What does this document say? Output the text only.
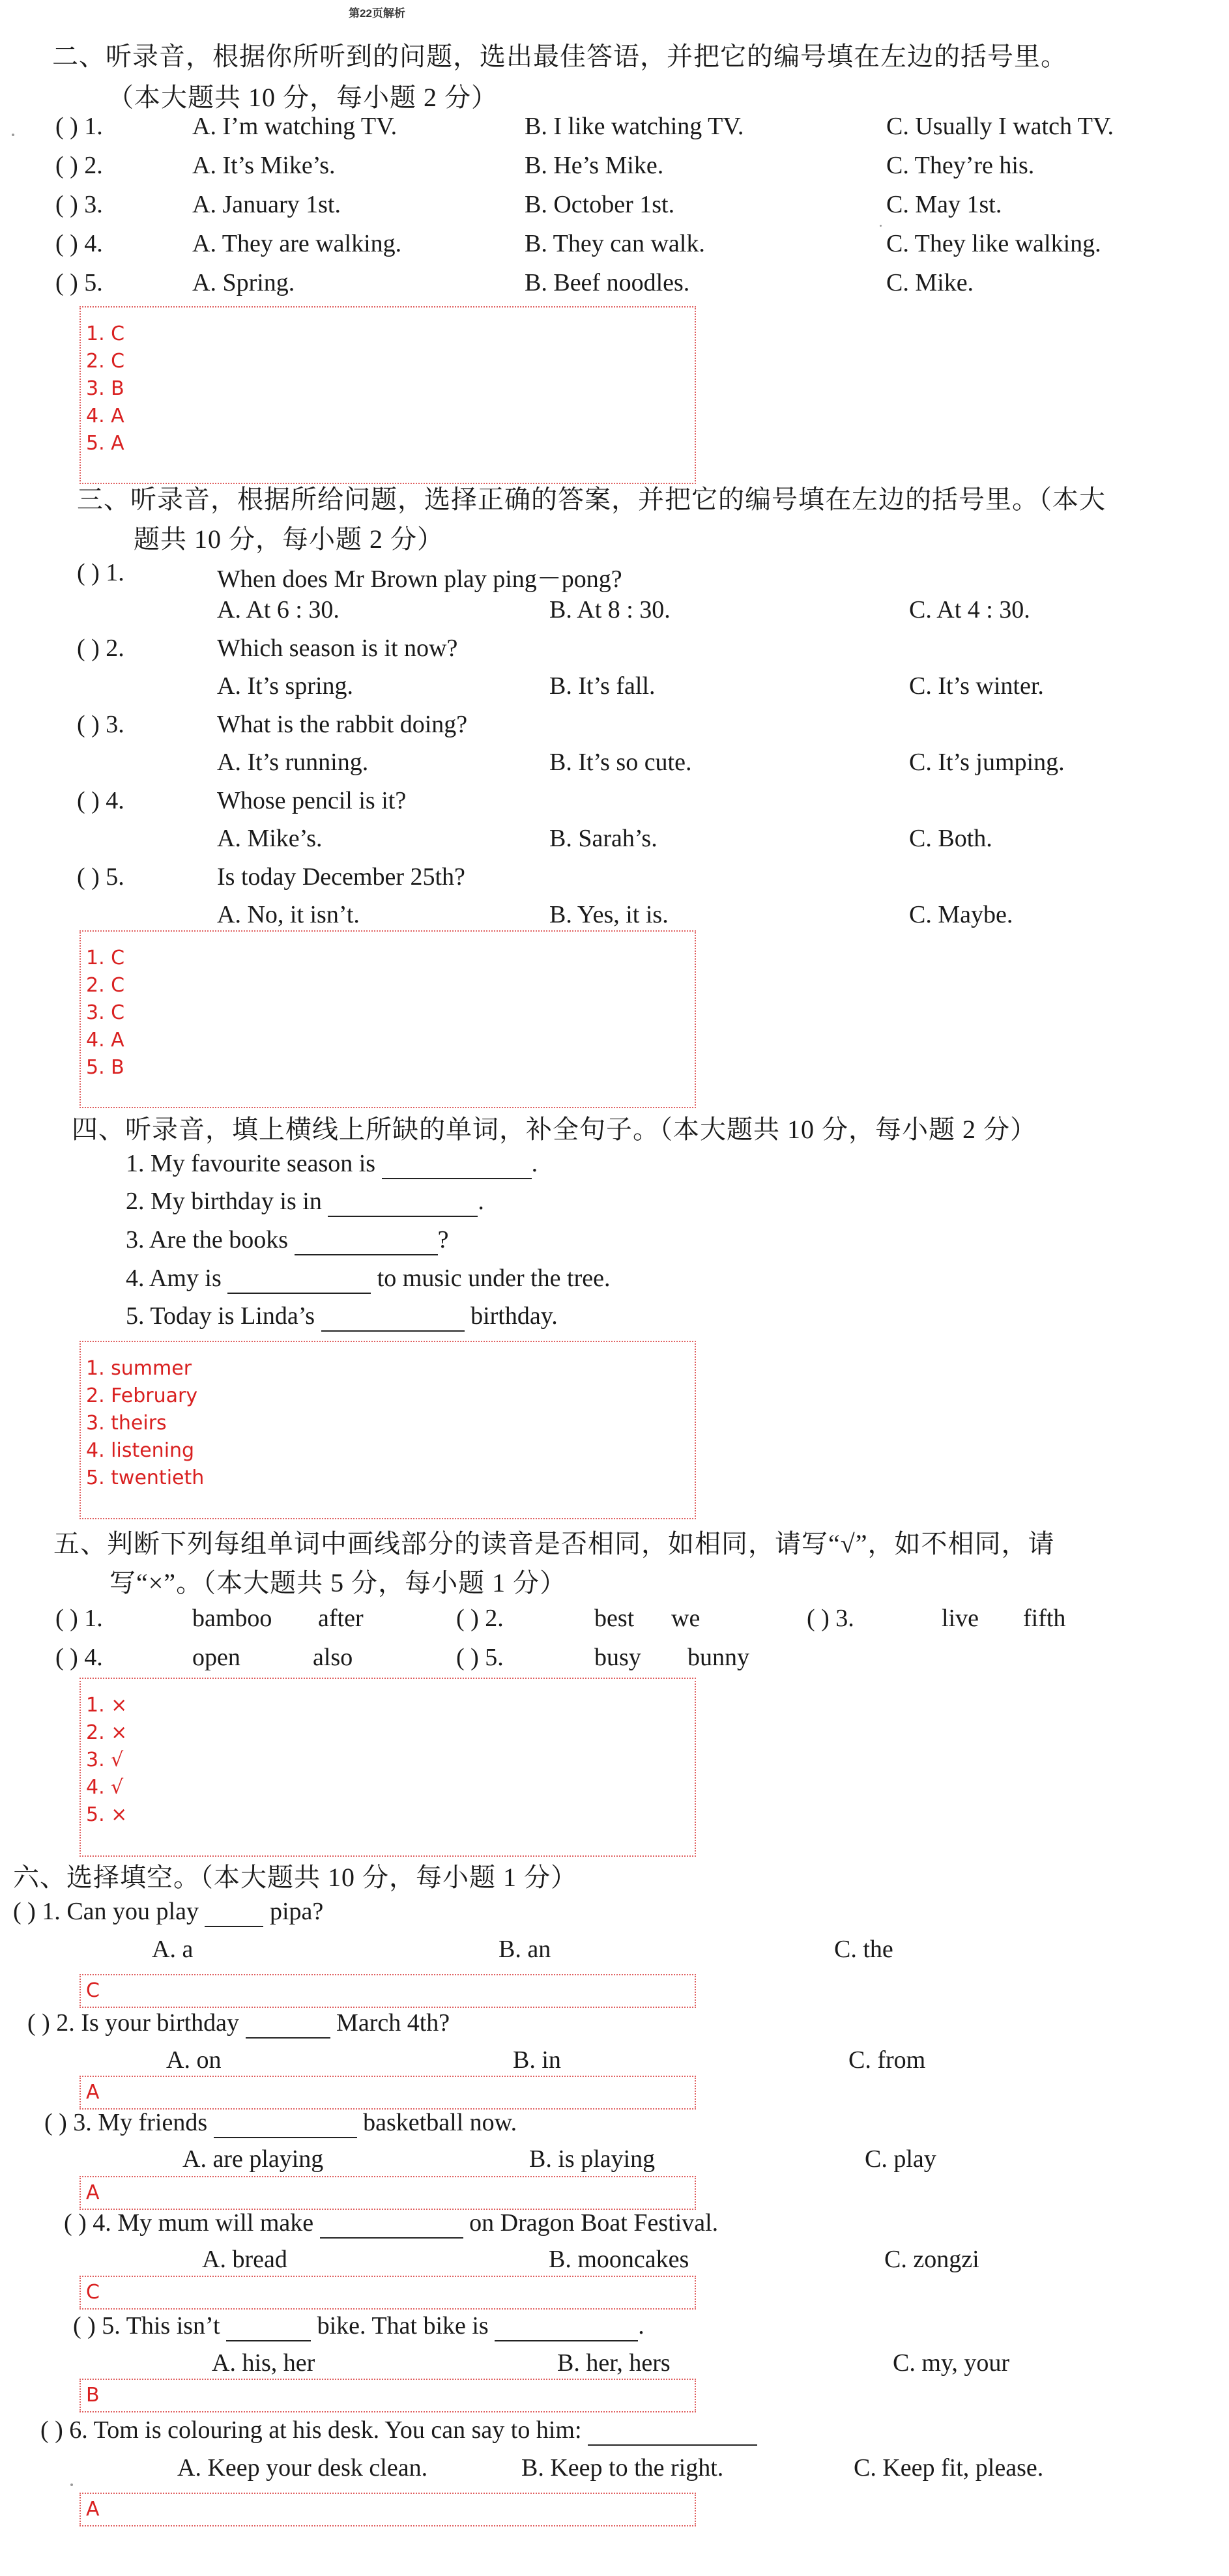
第22页解析
二、听录音，根据你所听到的问题，选出最佳答语，并把它的编号填在左边的括号里。
（本大题共 10 分，每小题 2 分）
( ) 1.	A. I’m watching TV.	B. I like watching TV.	C. Usually I watch TV.
( ) 2.	A. It’s Mike’s.	B. He’s Mike.	C. They’re his.
( ) 3.	A. January 1st.	B. October 1st.	C. May 1st.
( ) 4.	A. They are walking.	B. They can walk.	C. They like walking.
( ) 5.	A. Spring.	B. Beef noodles.	C. Mike.
1. C
2. C
3. B
4. A
5. A
三、听录音，根据所给问题，选择正确的答案，并把它的编号填在左边的括号里。（本大
题共 10 分，每小题 2 分）
( ) 1.	When does Mr Brown play ping－pong?
A. At 6 : 30.	B. At 8 : 30.	C. At 4 : 30.
( ) 2.	Which season is it now?
A. It’s spring.	B. It’s fall.	C. It’s winter.
( ) 3.	What is the rabbit doing?
A. It’s running.	B. It’s so cute.	C. It’s jumping.
( ) 4.	Whose pencil is it?
A. Mike’s.	B. Sarah’s.	C. Both.
( ) 5.	Is today December 25th?
A. No, it isn’t.	B. Yes, it is.	C. Maybe.
1. C
2. C
3. C
4. A
5. B
四、听录音，填上横线上所缺的单词，补全句子。（本大题共 10 分，每小题 2 分）
1. My favourite season is	.
2. My birthday is in	.
3. Are the books	?
4. Amy is	to music under the tree.
5. Today is Linda’s	birthday.
1. summer
2. February
3. theirs
4. listening
5. twentieth
五、判断下列每组单词中画线部分的读音是否相同，如相同，请写“√”，如不相同，请
写“×”。（本大题共 5 分，每小题 1 分）
( ) 1.	bamboo after	( ) 2.	best we	( ) 3.	live fifth
( ) 4.	open	also	( ) 5.	busy bunny
1. ×
2. ×
3. √
4. √
5. ×
六、选择填空。（本大题共 10 分，每小题 1 分）
( ) 1. Can you play	pipa?
A. a	B. an	C. the
C
( ) 2. Is your birthday	March 4th?
A. on	B. in	C. from
A
( ) 3. My friends	basketball now.
A. are playing	B. is playing	C. play
A
( ) 4. My mum will make	on Dragon Boat Festival.
A. bread	B. mooncakes	C. zongzi
C
( ) 5. This isn’t	bike. That bike is	.
A. his, her	B. her, hers	C. my, your
B
( ) 6. Tom is colouring at his desk. You can say to him:
A. Keep your desk clean.	B. Keep to the right.	C. Keep fit, please.
A
